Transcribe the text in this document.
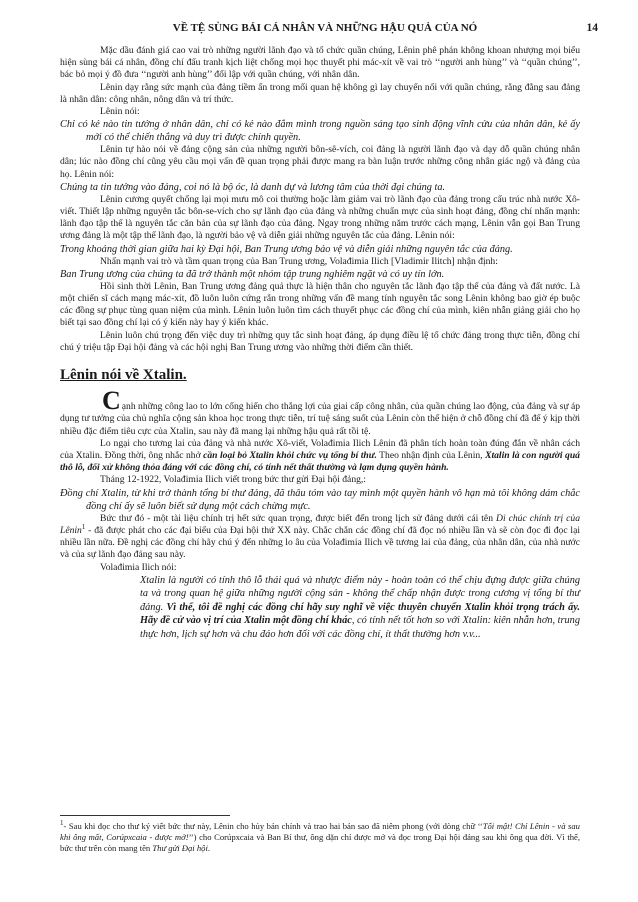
VỀ TỆ SÙNG BÁI CÁ NHÂN VÀ NHỮNG HẬU QUẢ CỦA NÓ	14

Mặc dầu đánh giá cao vai trò những người lãnh đạo và tổ chức quần chúng, Lênin phê phán không khoan nhượng mọi biểu hiện sùng bái cá nhân, đồng chí đấu tranh kịch liệt chống mọi học thuyết phi mác-xít về vai trò ‘‘người anh hùng’’ và ‘‘quần chúng’’, bác bỏ mọi ý đồ đưa ‘‘người anh hùng’’ đối lập với quần chúng, với nhân dân.

Lênin dạy rằng sức mạnh của đảng tiềm ẩn trong mối quan hệ không gì lay chuyển nổi với quần chúng, rằng đằng sau đảng là nhân dân: công nhân, nông dân và trí thức.

Lênin nói:

Chỉ có kẻ nào tin tưởng ở nhân dân, chỉ có kẻ nào đắm mình trong nguồn sáng tạo sinh động vĩnh cửu của nhân dân, kẻ ấy mới có thể chiến thắng và duy trì được chính quyền.

Lênin tự hào nói về đảng cộng sản của những người bôn-sê-vích, coi đảng là người lãnh đạo và dạy dỗ quần chúng nhân dân; lúc nào đồng chí cũng yêu cầu mọi vấn đề quan trọng phải được mang ra bàn luận trước những công nhân giác ngộ và đảng của họ. Lênin nói:

Chúng ta tin tưởng vào đảng, coi nó là bộ óc, là danh dự và lương tâm của thời đại chúng ta.

Lênin cương quyết chống lại mọi mưu mô coi thường hoặc làm giảm vai trò lãnh đạo của đảng trong cấu trúc nhà nước Xô-viết. Thiết lập những nguyên tắc bôn-se-vích cho sự lãnh đạo của đảng và những chuẩn mực của sinh hoạt đảng, đồng chí nhấn mạnh: lãnh đạo tập thể là nguyên tắc căn bản của sự lãnh đạo của đảng. Ngay trong những năm trước cách mạng, Lênin vẫn gọi Ban Trung ương đảng là một tập thể lãnh đạo, là người bảo vệ và diễn giải những nguyên tắc của đảng. Lênin nói:

Trong khoảng thời gian giữa hai kỳ Đại hội, Ban Trung ương bảo vệ và diễn giải những nguyên tắc của đảng.

Nhấn mạnh vai trò và tầm quan trọng của Ban Trung ương, Volađimia Ilich [Vladimir Ilitch] nhận định:

Ban Trung ương của chúng ta đã trở thành một nhóm tập trung nghiêm ngặt và có uy tín lớn.

Hồi sinh thời Lênin, Ban Trung ương đảng quả thực là hiện thân cho nguyên tắc lãnh đạo tập thể của đảng và đất nước. Là một chiến sĩ cách mạng mác-xít, đồ luôn luôn cứng rắn trong những vấn đề mang tính nguyên tắc song Lênin không bao giờ ép buộc các đồng sự phục tùng quan niệm của mình. Lênin luôn luôn tìm cách thuyết phục các đồng chí của mình, kiên nhẫn giảng giải cho họ biết tại sao đồng chí lại có ý kiến này hay ý kiến khác.

Lênin luôn chú trọng đến việc duy trì những quy tắc sinh hoạt đảng, áp dụng điều lệ tổ chức đảng trong thực tiễn, đồng chí chú ý triệu tập Đại hội đảng và các hội nghị Ban Trung ương vào những thời điểm cần thiết.

Lênin nói về Xtalin.

Cạnh những công lao to lớn cống hiến cho thắng lợi của giai cấp công nhân, của quần chúng lao động, của đảng và sự áp dụng tư tưởng của chủ nghĩa cộng sản khoa học trong thực tiễn, trí tuệ sáng suốt của Lênin còn thể hiện ở chỗ đồng chí đã để ý kịp thời nhiều đặc điểm tiêu cực của Xtalin, sau này đã mang lại những hậu quả rất tồi tệ.

Lo ngại cho tương lai của đảng và nhà nước Xô-viết, Volađimia Ilich Lênin đã phân tích hoàn toàn đúng đắn về nhân cách của Xtalin. Đồng thời, ông nhắc nhở cần loại bỏ Xtalin khỏi chức vụ tổng bí thư. Theo nhận định của Lênin, Xtalin là con người quá thô lỗ, đối xử không thỏa đáng với các đồng chí, có tính nết thất thường và lạm dụng quyền hành.

Tháng 12-1922, Volađimia Ilich viết trong bức thư gửi Đại hội đảng,:

Đồng chí Xtalin, từ khi trở thành tổng bí thư đảng, đã thâu tóm vào tay mình một quyền hành vô hạn mà tôi không dám chắc đồng chí ấy sẽ luôn biết sử dụng một cách chừng mực.

Bức thư đó - một tài liệu chính trị hết sức quan trọng, được biết đến trong lịch sử đảng dưới cái tên Di chúc chính trị của Lênin$^1$ - đã được phát cho các đại biểu của Đại hội thứ XX này. Chắc chắn các đồng chí đã đọc nó nhiều lần và sẽ còn đọc đi đọc lại nhiều lần nữa. Đề nghị các đồng chí hãy chú ý đến những lo âu của Volađimia Ilich về tương lai của đảng, của nhân dân, của nhà nước và của sự lãnh đạo đảng sau này.

Volađimia Ilich nói:

Xtalin là người có tính thô lỗ thái quá và nhược điểm này - hoàn toàn có thể chịu đựng được giữa chúng ta và trong quan hệ giữa những người cộng sản - không thể chấp nhận được trong cương vị tổng bí thư đảng. Vì thế, tôi đề nghị các đồng chí hãy suy nghĩ về việc thuyên chuyển Xtalin khỏi trọng trách ấy. Hãy đề cử vào vị trí của Xtalin một đồng chí khác, có tính nết tốt hơn so với Xtalin: kiên nhẫn hơn, trung thực hơn, lịch sự hơn và chu đáo hơn đối với các đồng chí, ít thất thường hơn v.v...
$^1$- Sau khi đọc cho thư ký viết bức thư này, Lênin cho hủy bản chính và trao hai bản sao đã niêm phong (với dòng chữ ‘‘Tối mật! Chỉ Lênin - và sau khi ông mất, Corúpxcaia - được mở!’’) cho Corúpxcaia và Ban Bí thư, ông dặn chỉ được mở và đọc trong Đại hội đảng sau khi ông qua đời. Vì thế, bức thư trên còn mang tên Thư gửi Đại hội.
